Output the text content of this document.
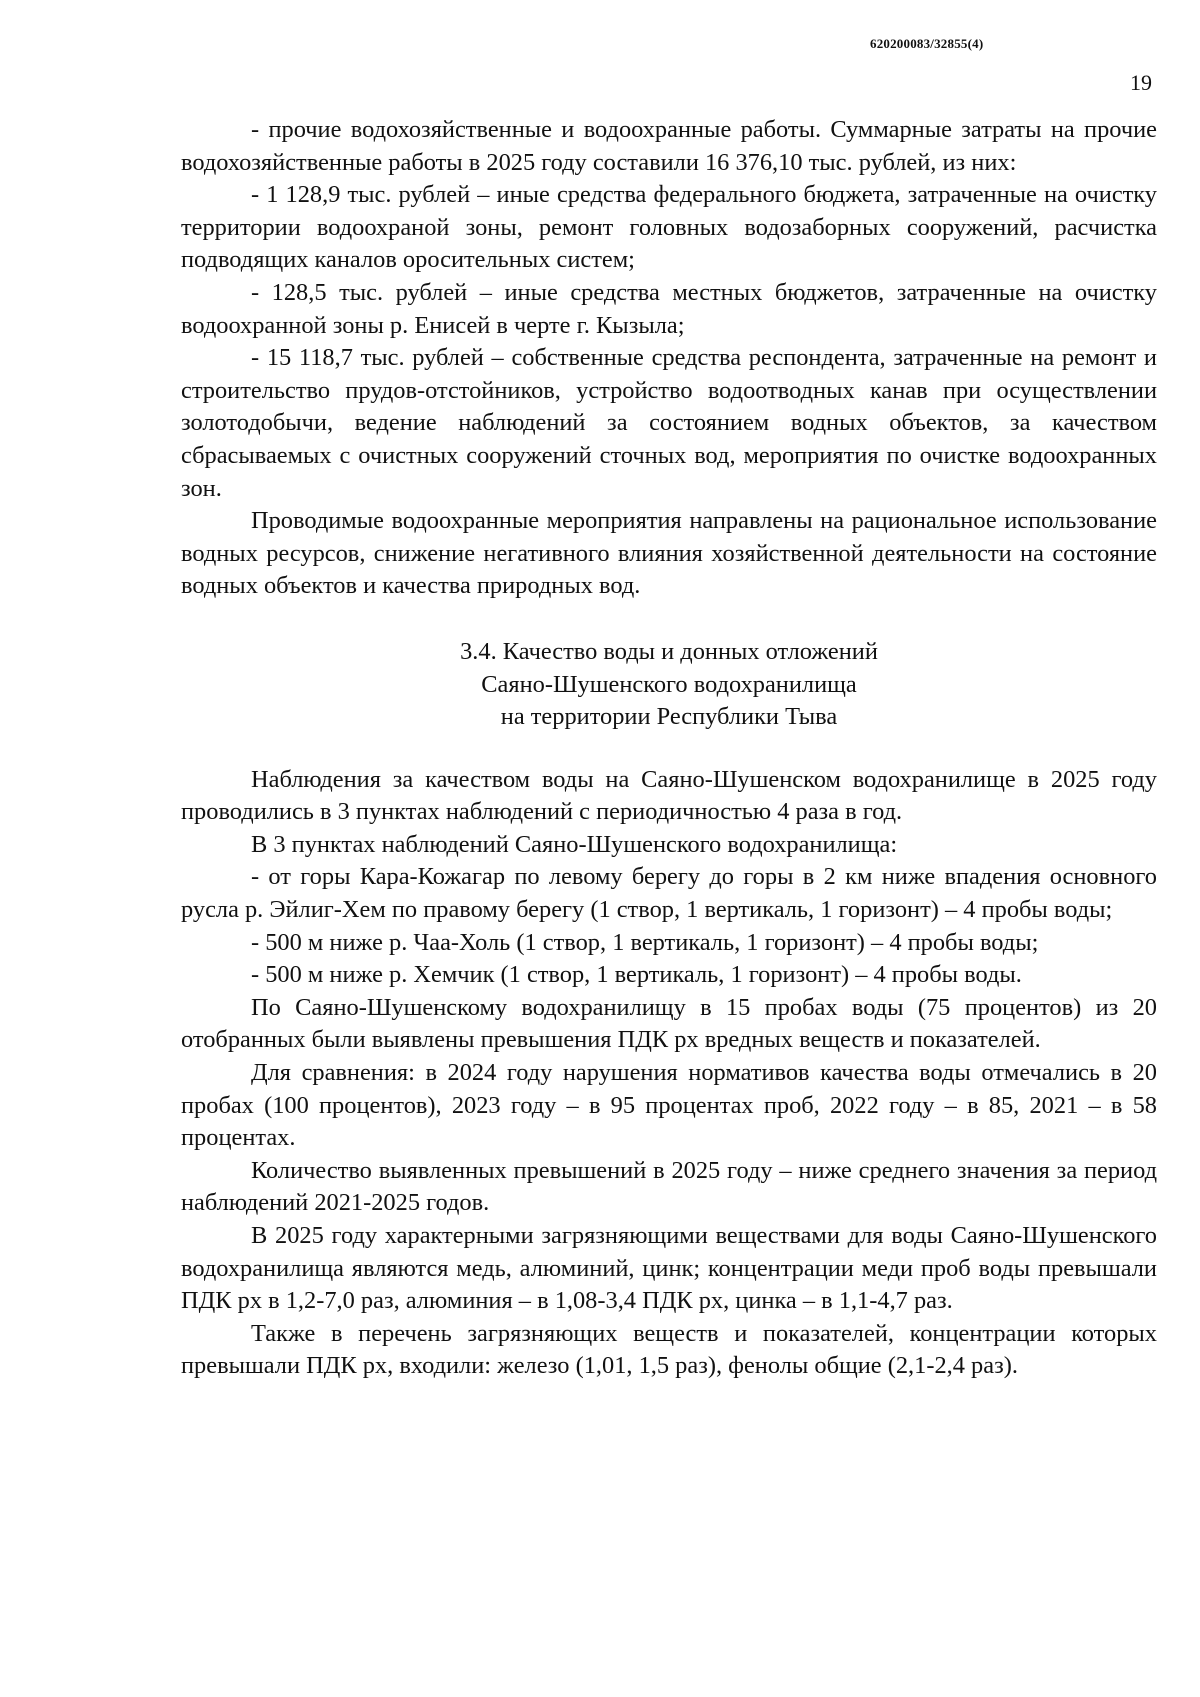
620200083/32855(4)
19

- прочие водохозяйственные и водоохранные работы. Суммарные затраты на прочие водохозяйственные работы в 2025 году составили 16 376,10 тыс. рублей, из них:

- 1 128,9 тыс. рублей – иные средства федерального бюджета, затраченные на очистку территории водоохраной зоны, ремонт головных водозаборных сооружений, расчистка подводящих каналов оросительных систем;

- 128,5 тыс. рублей – иные средства местных бюджетов, затраченные на очистку водоохранной зоны р. Енисей в черте г. Кызыла;

- 15 118,7 тыс. рублей – собственные средства респондента, затраченные на ремонт и строительство прудов-отстойников, устройство водоотводных канав при осуществлении золотодобычи, ведение наблюдений за состоянием водных объектов, за качеством сбрасываемых с очистных сооружений сточных вод, мероприятия по очистке водоохранных зон.

Проводимые водоохранные мероприятия направлены на рациональное использование водных ресурсов, снижение негативного влияния хозяйственной деятельности на состояние водных объектов и качества природных вод.

3.4. Качество воды и донных отложений
Саяно-Шушенского водохранилища
на территории Республики Тыва

Наблюдения за качеством воды на Саяно-Шушенском водохранилище в 2025 году проводились в 3 пунктах наблюдений с периодичностью 4 раза в год.

В 3 пунктах наблюдений Саяно-Шушенского водохранилища:

- от горы Кара-Кожагар по левому берегу до горы в 2 км ниже впадения основного русла р. Эйлиг-Хем по правому берегу (1 створ, 1 вертикаль, 1 горизонт) – 4 пробы воды;

- 500 м ниже р. Чаа-Холь (1 створ, 1 вертикаль, 1 горизонт) – 4 пробы воды;

- 500 м ниже р. Хемчик (1 створ, 1 вертикаль, 1 горизонт) – 4 пробы воды.

По Саяно-Шушенскому водохранилищу в 15 пробах воды (75 процентов) из 20 отобранных были выявлены превышения ПДК рх вредных веществ и показателей.

Для сравнения: в 2024 году нарушения нормативов качества воды отмечались в 20 пробах (100 процентов), 2023 году – в 95 процентах проб, 2022 году – в 85, 2021 – в 58 процентах.

Количество выявленных превышений в 2025 году – ниже среднего значения за период наблюдений 2021-2025 годов.

В 2025 году характерными загрязняющими веществами для воды Саяно-Шушенского водохранилища являются медь, алюминий, цинк; концентрации меди проб воды превышали ПДК рх в 1,2-7,0 раз, алюминия – в 1,08-3,4 ПДК рх, цинка – в 1,1-4,7 раз.

Также в перечень загрязняющих веществ и показателей, концентрации которых превышали ПДК рх, входили: железо (1,01, 1,5 раз), фенолы общие (2,1-2,4 раз).
